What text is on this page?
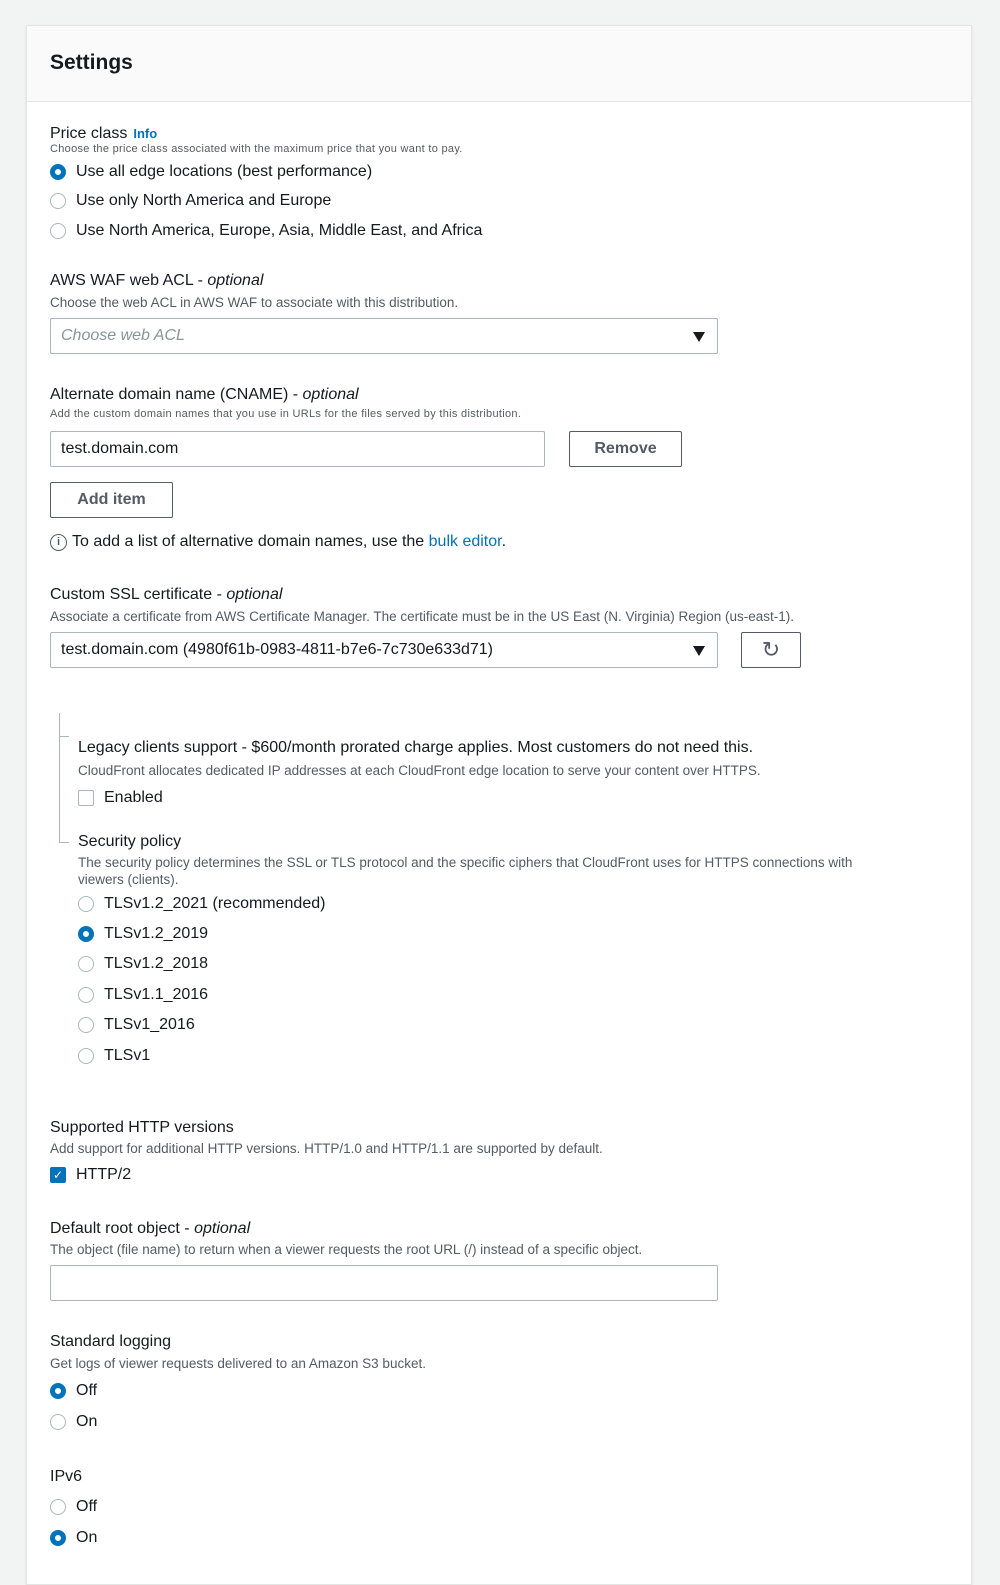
Settings
Price class Info
Choose the price class associated with the maximum price that you want to pay.
Use all edge locations (best performance)
Use only North America and Europe
Use North America, Europe, Asia, Middle East, and Africa
AWS WAF web ACL - optional
Choose the web ACL in AWS WAF to associate with this distribution.
Choose web ACL
Alternate domain name (CNAME) - optional
Add the custom domain names that you use in URLs for the files served by this distribution.
test.domain.com	Remove
Add item
i To add a list of alternative domain names, use the bulk editor.
Custom SSL certificate - optional
Associate a certificate from AWS Certificate Manager. The certificate must be in the US East (N. Virginia) Region (us-east-1).
test.domain.com (4980f61b-0983-4811-b7e6-7c730e633d71)	↻
Legacy clients support - $600/month prorated charge applies. Most customers do not need this.
CloudFront allocates dedicated IP addresses at each CloudFront edge location to serve your content over HTTPS.
Enabled
Security policy
The security policy determines the SSL or TLS protocol and the specific ciphers that CloudFront uses for HTTPS connections with
viewers (clients).
TLSv1.2_2021 (recommended)
TLSv1.2_2019
TLSv1.2_2018
TLSv1.1_2016
TLSv1_2016
TLSv1
Supported HTTP versions
Add support for additional HTTP versions. HTTP/1.0 and HTTP/1.1 are supported by default.
✓ HTTP/2
Default root object - optional
The object (file name) to return when a viewer requests the root URL (/) instead of a specific object.
Standard logging
Get logs of viewer requests delivered to an Amazon S3 bucket.
Off
On
IPv6
Off
On
